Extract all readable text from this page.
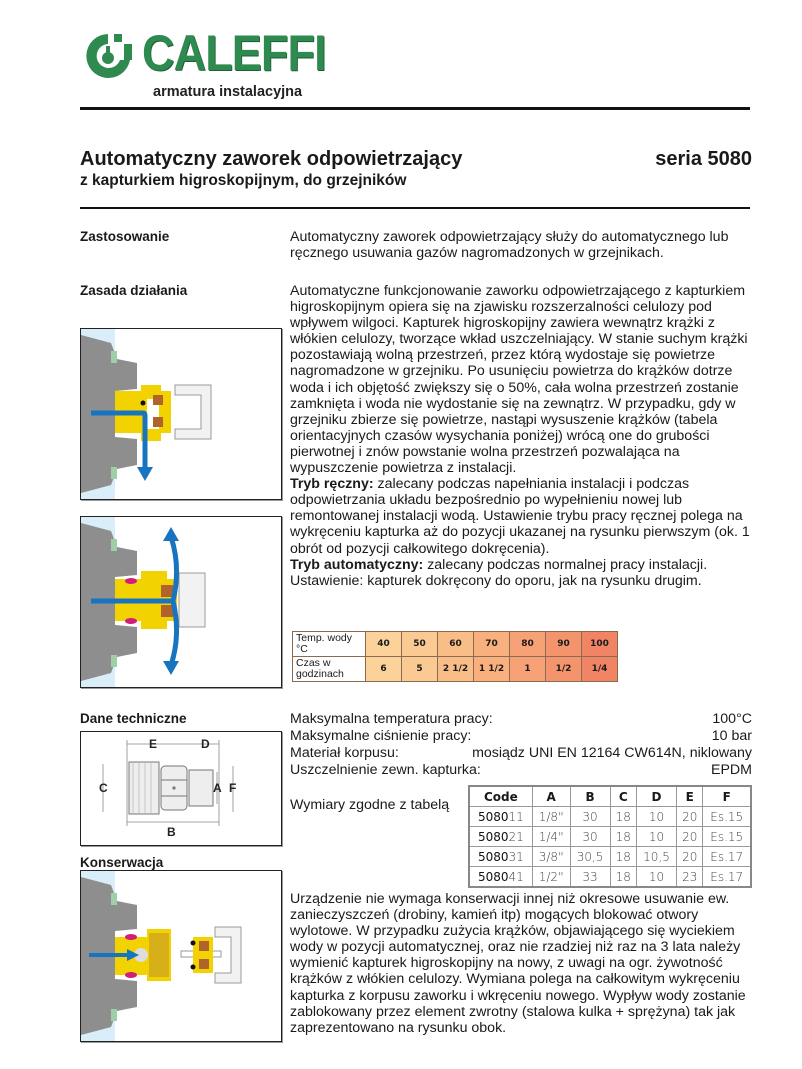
CALEFFI
armatura instalacyjna
Automatyczny zaworek odpowietrzający	seria 5080
z kapturkiem higroskopijnym, do grzejników
Zastosowanie	Automatyczny zaworek odpowietrzający służy do automatycznego lub ręcznego usuwania gazów nagromadzonych w grzejnikach.
Zasada działania	Automatyczne funkcjonowanie zaworku odpowietrzającego z kapturkiem higroskopijnym opiera się na zjawisku rozszerzalności celulozy pod wpływem wilgoci. Kapturek higroskopijny zawiera wewnątrz krążki z włókien celulozy, tworzące wkład uszczelniający. W stanie suchym krążki pozostawiają wolną przestrzeń, przez którą wydostaje się powietrze nagromadzone w grzejniku. Po usunięciu powietrza do krążków dotrze woda i ich objętość zwiększy się o 50%, cała wolna przestrzeń zostanie zamknięta i woda nie wydostanie się na zewnątrz. W przypadku, gdy w grzejniku zbierze się powietrze, nastąpi wysuszenie krążków (tabela orientacyjnych czasów wysychania poniżej) wrócą one do grubości pierwotnej i znów powstanie wolna przestrzeń pozwalająca na wypuszczenie powietrza z instalacji.

Tryb ręczny: zalecany podczas napełniania instalacji i podczas odpowietrzania układu bezpośrednio po wypełnieniu nowej lub remontowanej instalacji wodą. Ustawienie trybu pracy ręcznej polega na wykręceniu kapturka aż do pozycji ukazanej na rysunku pierwszym (ok. 1 obrót od pozycji całkowitego dokręcenia).

Tryb automatyczny: zalecany podczas normalnej pracy instalacji.

Ustawienie: kapturek dokręcony do oporu, jak na rysunku drugim.

Temp. wody °C	40	50	60	70	80	90	100
Czas w godzinach	6	5	2 1/2	1 1/2	1	1/2	1/4
Dane techniczne
E	D
C	A F
B
Maksymalna temperatura pracy:	100°C
Maksymalne ciśnienie pracy:	10 bar
Materiał korpusu:	mosiądz UNI EN 12164 CW614N, niklowany
Uszczelnienie zewn. kapturka:	EPDM
Wymiary zgodne z tabelą
Code	A	B	C	D	E	F
508011	1/8"	30	18	10	20	Es.15
508021	1/4"	30	18	10	20	Es.15
508031	3/8"	30,5	18	10,5	20	Es.17
508041	1/2"	33	18	10	23	Es.17
Konserwacja
Urządzenie nie wymaga konserwacji innej niż okresowe usuwanie ew. zanieczyszczeń (drobiny, kamień itp) mogących blokować otwory wylotowe. W przypadku zużycia krążków, objawiającego się wyciekiem wody w pozycji automatycznej, oraz nie rzadziej niż raz na 3 lata należy wymienić kapturek higroskopijny na nowy, z uwagi na ogr. żywotność krążków z włókien celulozy. Wymiana polega na całkowitym wykręceniu kapturka z korpusu zaworku i wkręceniu nowego. Wypływ wody zostanie zablokowany przez element zwrotny (stalowa kulka + sprężyna) tak jak zaprezentowano na rysunku obok.
